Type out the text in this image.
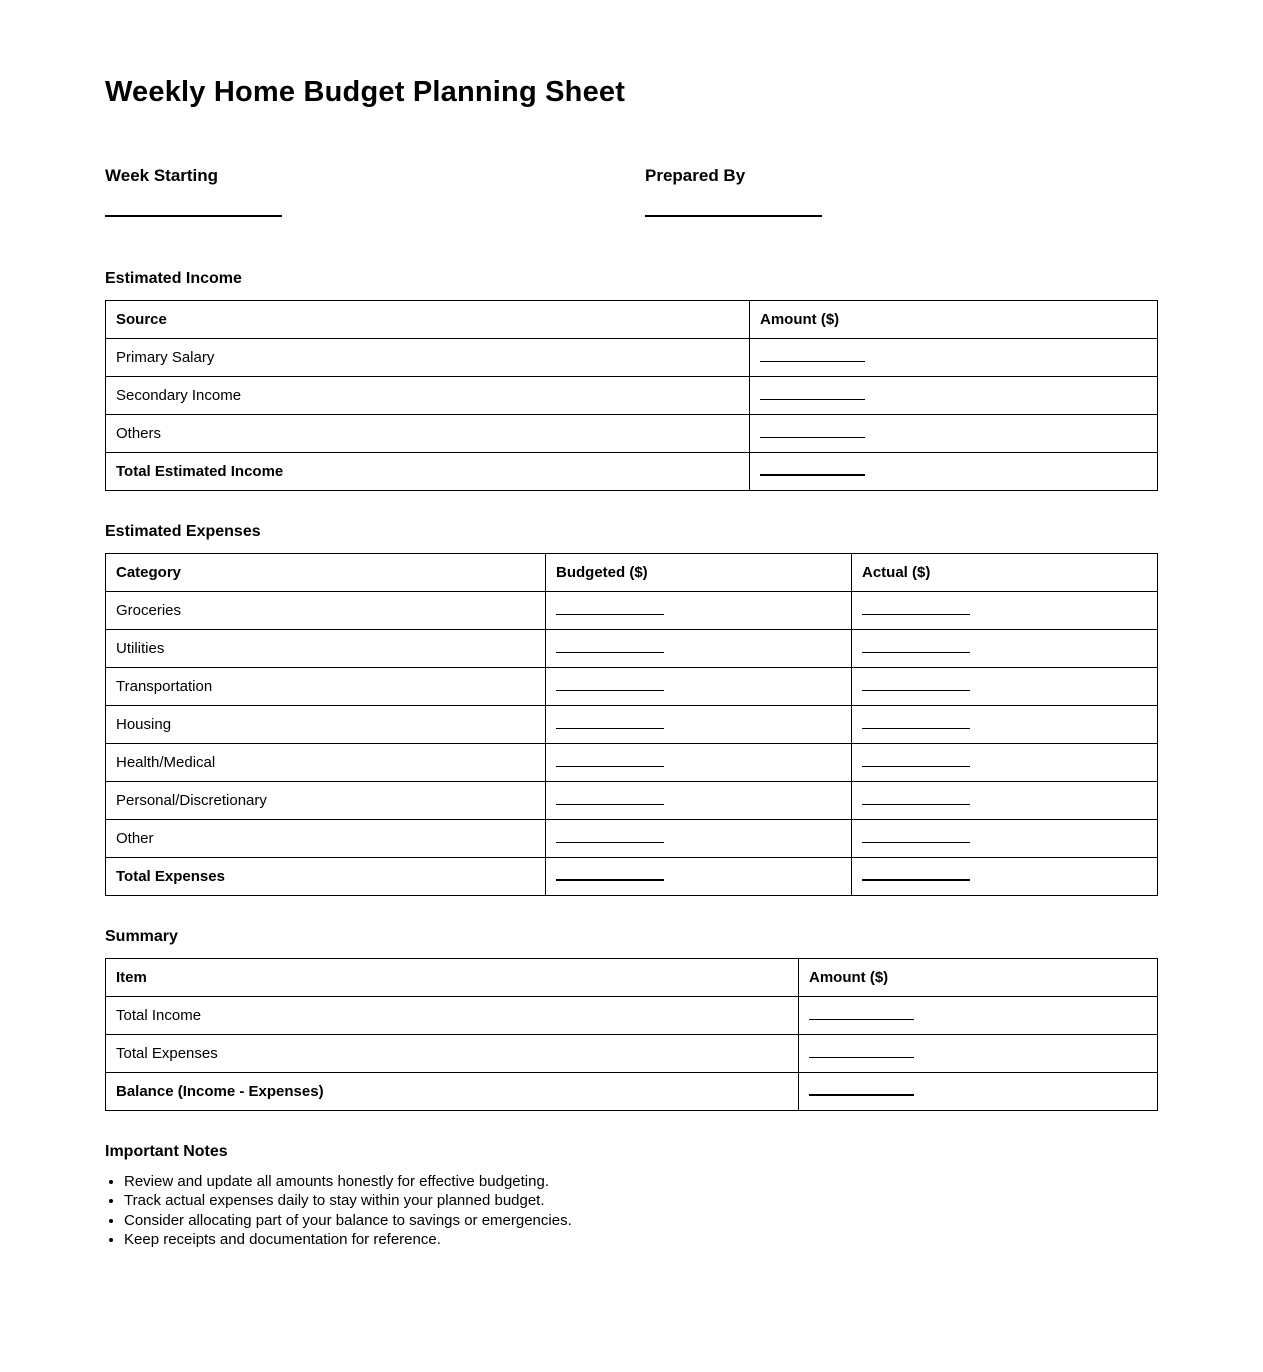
Weekly Home Budget Planning Sheet
Week Starting	Prepared By
Estimated Income
Source	Amount ($)
Primary Salary	
Secondary Income	
Others	
Total Estimated Income	
Estimated Expenses
Category	Budgeted ($)	Actual ($)
Groceries		
Utilities		
Transportation		
Housing		
Health/Medical		
Personal/Discretionary		
Other		
Total Expenses		
Summary
Item	Amount ($)
Total Income	
Total Expenses	
Balance (Income - Expenses)	
Important Notes
• Review and update all amounts honestly for effective budgeting.
• Track actual expenses daily to stay within your planned budget.
• Consider allocating part of your balance to savings or emergencies.
• Keep receipts and documentation for reference.
